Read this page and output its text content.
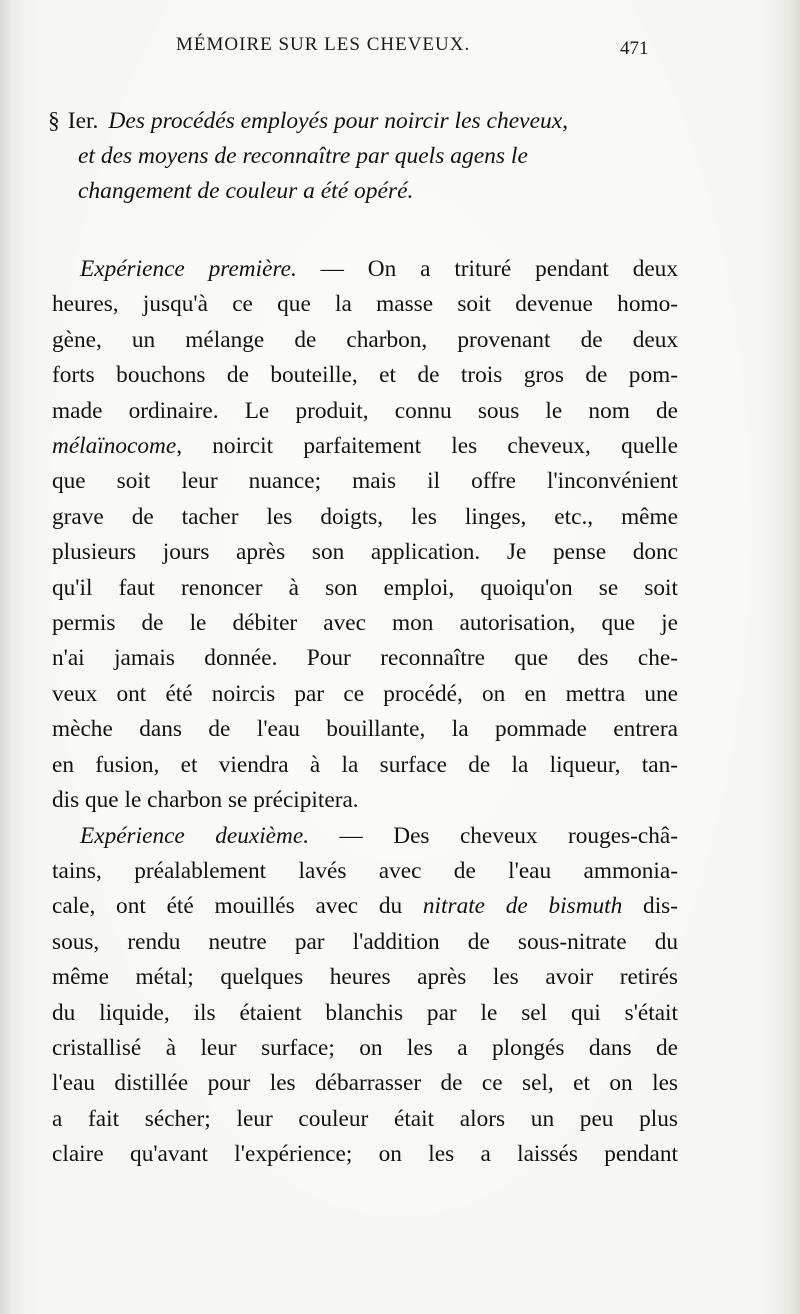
MÉMOIRE SUR LES CHEVEUX.	471
§ Ier. Des procédés employés pour noircir les cheveux,
et des moyens de reconnaître par quels agens le
changement de couleur a été opéré.
Expérience première. — On a trituré pendant deux
heures, jusqu'à ce que la masse soit devenue homo-
gène, un mélange de charbon, provenant de deux
forts bouchons de bouteille, et de trois gros de pom-
made ordinaire. Le produit, connu sous le nom de
mélaïnocome, noircit parfaitement les cheveux, quelle
que soit leur nuance; mais il offre l'inconvénient
grave de tacher les doigts, les linges, etc., même
plusieurs jours après son application. Je pense donc
qu'il faut renoncer à son emploi, quoiqu'on se soit
permis de le débiter avec mon autorisation, que je
n'ai jamais donnée. Pour reconnaître que des che-
veux ont été noircis par ce procédé, on en mettra une
mèche dans de l'eau bouillante, la pommade entrera
en fusion, et viendra à la surface de la liqueur, tan-
dis que le charbon se précipitera.
Expérience deuxième. — Des cheveux rouges-châ-
tains, préalablement lavés avec de l'eau ammonia-
cale, ont été mouillés avec du nitrate de bismuth dis-
sous, rendu neutre par l'addition de sous-nitrate du
même métal; quelques heures après les avoir retirés
du liquide, ils étaient blanchis par le sel qui s'était
cristallisé à leur surface; on les a plongés dans de
l'eau distillée pour les débarrasser de ce sel, et on les
a fait sécher; leur couleur était alors un peu plus
claire qu'avant l'expérience; on les a laissés pendant
